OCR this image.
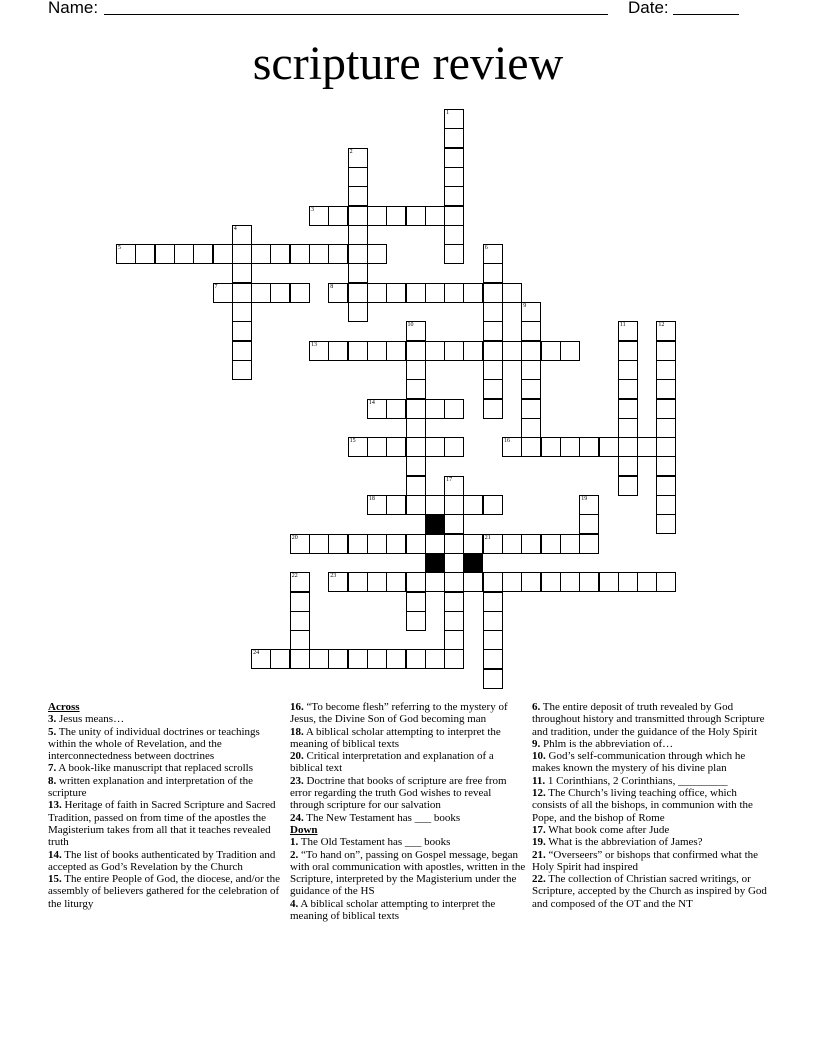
Name:	Date:
scripture review
1
2
3
4
5	6
7	8
9
10	11	12
13
14
15	16
17
18	19
20	21
22	23
24

Across

3. Jesus means…

5. The unity of individual doctrines or teachings within the whole of Revelation, and the interconnectedness between doctrines

7. A book-like manuscript that replaced scrolls

8. written explanation and interpretation of the scripture

13. Heritage of faith in Sacred Scripture and Sacred Tradition, passed on from time of the apostles the Magisterium takes from all that it teaches revealed truth

14. The list of books authenticated by Tradition and accepted as God’s Revelation by the Church

15. The entire People of God, the diocese, and/or the assembly of believers gathered for the celebration of the liturgy

16. “To become flesh” referring to the mystery of Jesus, the Divine Son of God becoming man

18. A biblical scholar attempting to interpret the meaning of biblical texts

20. Critical interpretation and explanation of a biblical text

23. Doctrine that books of scripture are free from error regarding the truth God wishes to reveal through scripture for our salvation

24. The New Testament has ___ books

Down

1. The Old Testament has ___ books

2. “To hand on”, passing on Gospel message, began with oral communication with apostles, written in the Scripture, interpreted by the Magisterium under the guidance of the HS

4. A biblical scholar attempting to interpret the meaning of biblical texts

6. The entire deposit of truth revealed by God throughout history and transmitted through Scripture and tradition, under the guidance of the Holy Spirit

9. Phlm is the abbreviation of…

10. God’s self-communication through which he makes known the mystery of his divine plan

11. 1 Corinthians, 2 Corinthians, _________

12. The Church’s living teaching office, which consists of all the bishops, in communion with the Pope, and the bishop of Rome

17. What book come after Jude

19. What is the abbreviation of James?

21. “Overseers” or bishops that confirmed what the Holy Spirit had inspired

22. The collection of Christian sacred writings, or Scripture, accepted by the Church as inspired by God and composed of the OT and the NT
